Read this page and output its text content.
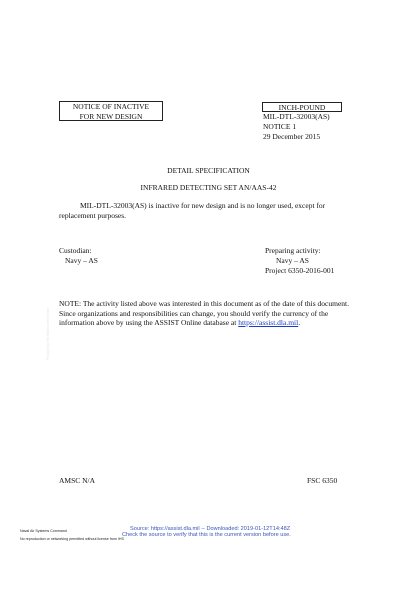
NOTICE OF INACTIVE
FOR NEW DESIGN
INCH-POUND
MIL-DTL-32003(AS)
NOTICE 1
29 December 2015
DETAIL SPECIFICATION
INFRARED DETECTING SET AN/AAS-42
MIL-DTL-32003(AS) is inactive for new design and is no longer used, except for
replacement purposes.
Custodian:
Navy – AS
Preparing activity:
Navy – AS
Project 6350-2016-001
NOTE: The activity listed above was interested in this document as of the date of this document.
Since organizations and responsibilities can change, you should verify the currency of the
information above by using the ASSIST Online database at https://assist.dla.mil.
Provided by IHS Markit under license
AMSC N/A	FSC 6350
Naval Air Systems Command
No reproduction or networking permitted without license from IHS
Source: https://assist.dla.mil -- Downloaded: 2019-01-12T14:48Z
Check the source to verify that this is the current version before use.
